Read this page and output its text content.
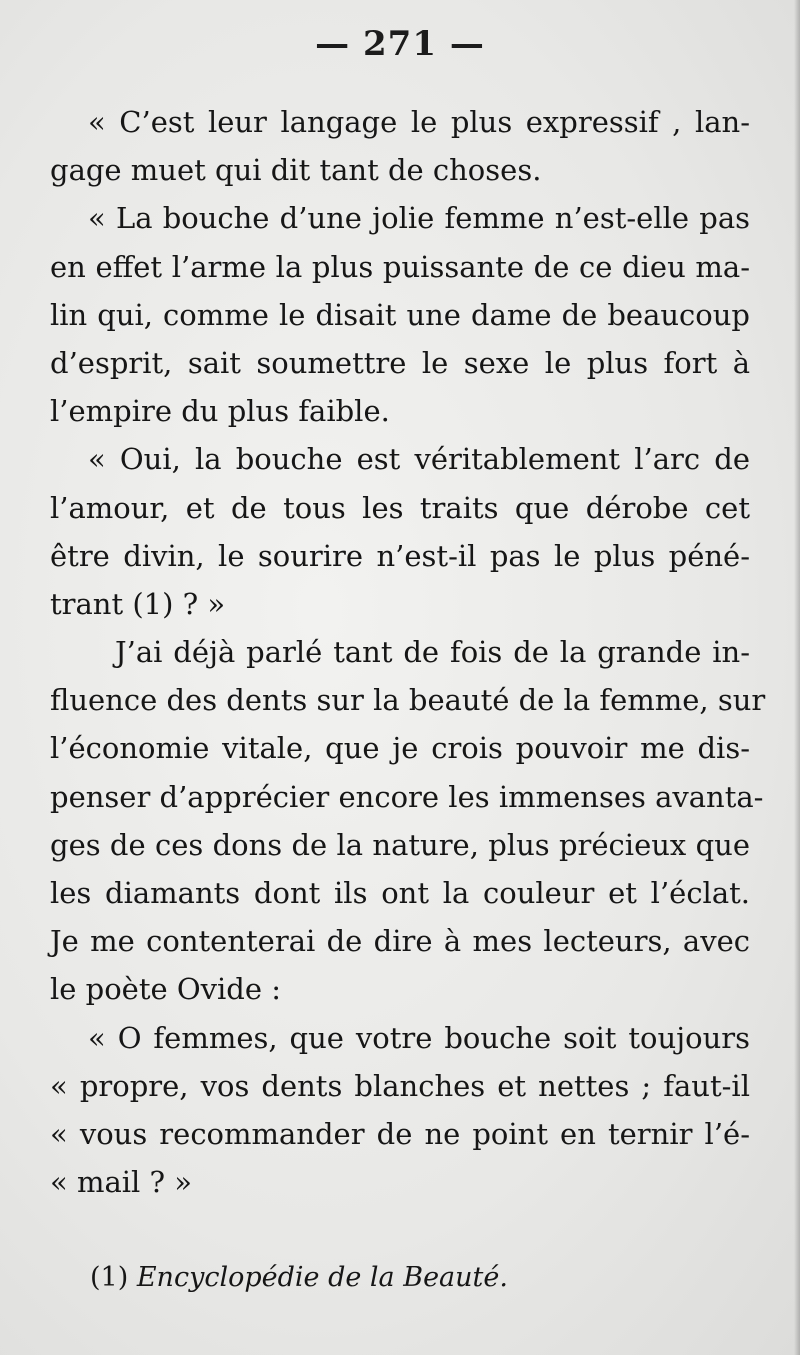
— 271 —
« C’est leur langage le plus expressif , lan-
gage muet qui dit tant de choses.
« La bouche d’une jolie femme n’est-elle pas
en effet l’arme la plus puissante de ce dieu ma-
lin qui, comme le disait une dame de beaucoup
d’esprit, sait soumettre le sexe le plus fort à
l’empire du plus faible.
« Oui, la bouche est véritablement l’arc de
l’amour, et de tous les traits que dérobe cet
être divin, le sourire n’est-il pas le plus péné-
trant (1) ? »
J’ai déjà parlé tant de fois de la grande in-
fluence des dents sur la beauté de la femme, sur
l’économie vitale, que je crois pouvoir me dis-
penser d’apprécier encore les immenses avanta-
ges de ces dons de la nature, plus précieux que
les diamants dont ils ont la couleur et l’éclat.
Je me contenterai de dire à mes lecteurs, avec
le poète Ovide :
« O femmes, que votre bouche soit toujours
« propre, vos dents blanches et nettes ; faut-il
« vous recommander de ne point en ternir l’é-
« mail ? »
(1) Encyclopédie de la Beauté.
